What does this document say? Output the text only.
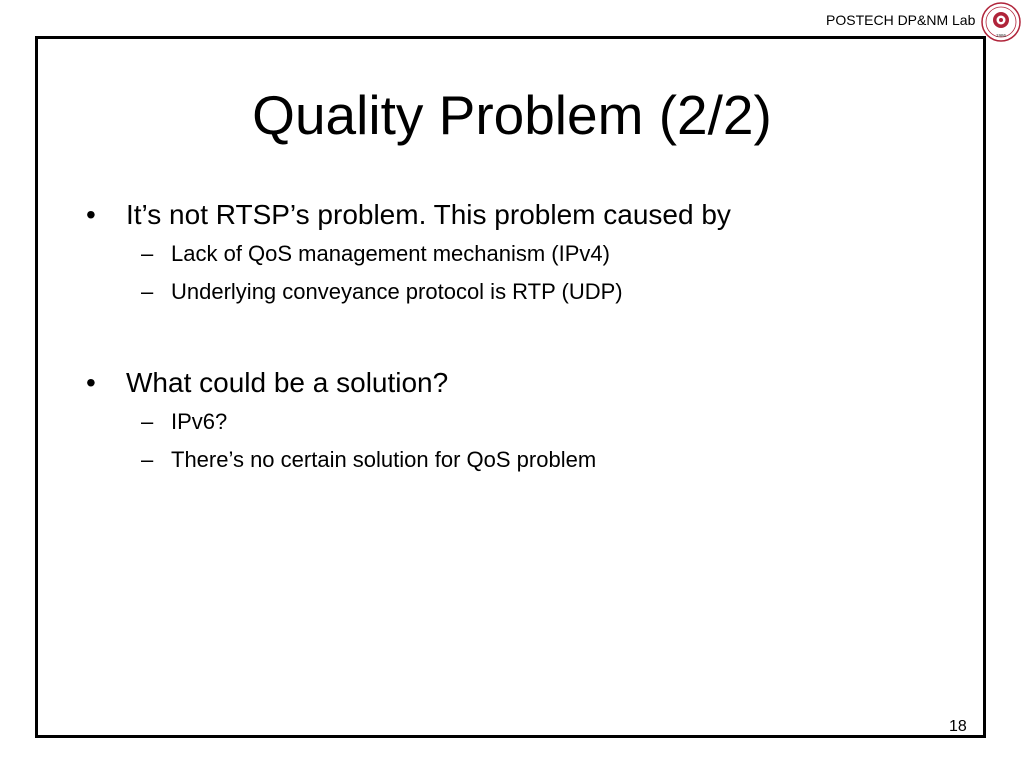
POSTECH DP&NM Lab
1986
Quality Problem (2/2)
• It’s not RTSP’s problem. This problem caused by
– Lack of QoS management mechanism (IPv4)
– Underlying conveyance protocol is RTP (UDP)
• What could be a solution?
– IPv6?
– There’s no certain solution for QoS problem
18
